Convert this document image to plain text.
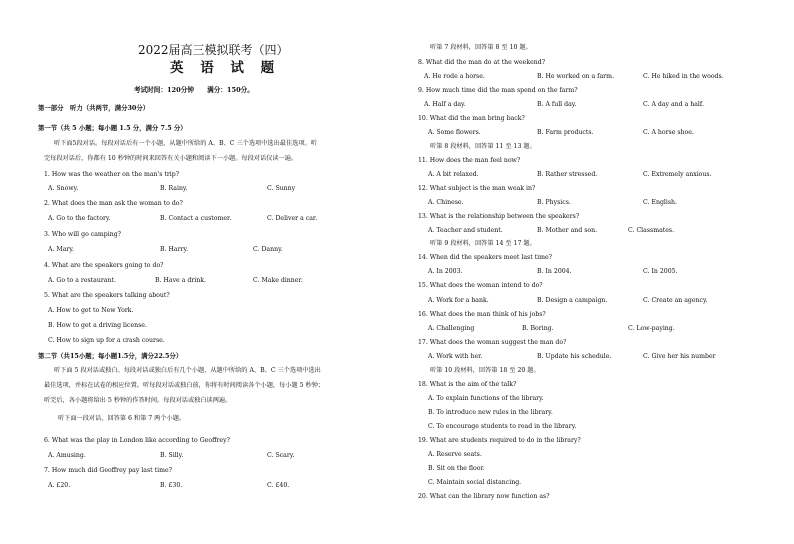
2022届高三模拟联考（四）
英 语 试 题
考试时间：120分钟　　满分：150分。
第一部分　听力（共两节，满分30分）
第一节（共 5 小题；每小题 1.5 分，满分 7.5 分）
听下面5段对话。每段对话后有一个小题，从题中所给的 A、B、C 三个选项中选出最佳选项。听
完每段对话后，你都有 10 秒钟的时间来回答有关小题和阅读下一小题。每段对话仅读一遍。
1. How was the weather on the man's trip?
A. Snowy.	B. Rainy.	C. Sunny
2. What does the man ask the woman to do?
A. Go to the factory.	B. Contact a customer.	C. Deliver a car.
3. Who will go camping?
A. Mary.	B. Harry.	C. Danny.
4. What are the speakers going to do?
A. Go to a restaurant.	B. Have a drink.	C. Make dinner.
5. What are the speakers talking about?
A. How to get to New York.
B. How to get a driving license.
C. How to sign up for a crash course.
第二节（共15小题；每小题1.5分，满分22.5分）
听下面 5 段对话或独白。每段对话或独白后有几个小题，从题中所给的 A、B、C 三个选项中选出
最佳选项，并标在试卷的相应位置。听每段对话或独白前，你将有时间阅读各个小题，每小题 5 秒钟；
听完后，各小题将给出 5 秒钟的作答时间。每段对话或独白读两遍。
听下面一段对话，回答第 6 和第 7 两个小题。
6. What was the play in London like according to Geoffrey?
A. Amusing.	B. Silly.	C. Scary.
7. How much did Geoffrey pay last time?
A. £20.	B. £30.	C. £40.
听第 7 段材料，回答第 8 至 10 题。
8. What did the man do at the weekend?
A. He rode a horse.	B. He worked on a farm.	C. He hiked in the woods.
9. How much time did the man spend on the farm?
A. Half a day.	B. A full day.	C. A day and a half.
10. What did the man bring back?
A. Some flowers.	B. Farm products.	C. A horse shoe.
听第 8 段材料，回答第 11 至 13 题。
11. How does the man feel now?
A. A bit relaxed.	B. Rather stressed.	C. Extremely anxious.
12. What subject is the man weak in?
A. Chinese.	B. Physics.	C. English.
13. What is the relationship between the speakers?
A. Teacher and student.	B. Mother and son.	C. Classmates.
听第 9 段材料，回答第 14 至 17 题。
14. When did the speakers meet last time?
A. In 2003.	B. In 2004.	C. In 2005.
15. What does the woman intend to do?
A. Work for a bank.	B. Design a campaign.	C. Create an agency.
16. What does the man think of his jobs?
A. Challenging	B. Boring.	C. Low-paying.
17. What does the woman suggest the man do?
A. Work with her.	B. Update his schedule.	C. Give her his number
听第 10 段材料，回答第 18 至 20 题。
18. What is the aim of the talk?
A. To explain functions of the library.
B. To introduce new rules in the library.
C. To encourage students to read in the library.
19. What are students required to do in the library?
A. Reserve seats.
B. Sit on the floor.
C. Maintain social distancing.
20. What can the library now function as?
